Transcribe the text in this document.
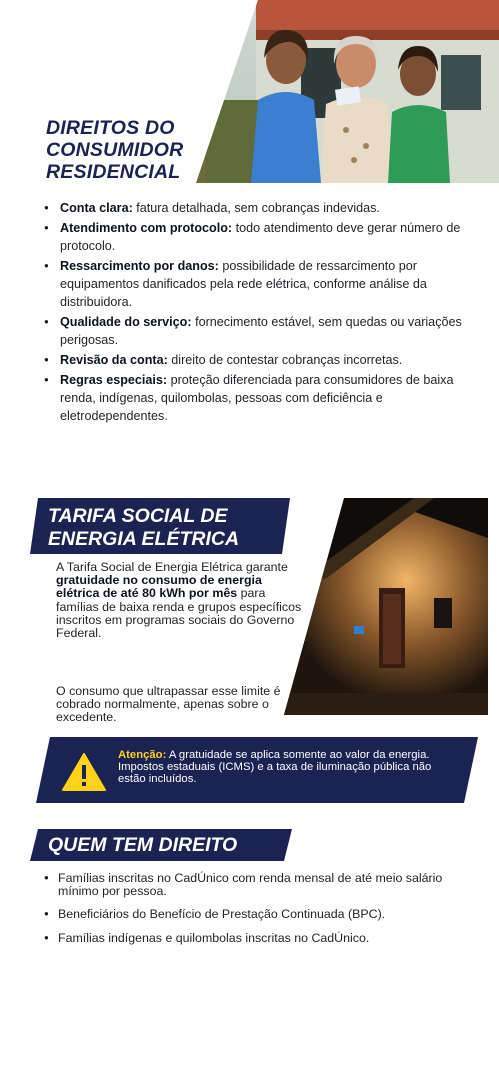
DIREITOS DO
CONSUMIDOR
RESIDENCIAL
● Conta clara: fatura detalhada, sem cobranças indevidas.
● Atendimento com protocolo: todo atendimento deve gerar número de protocolo.
● Ressarcimento por danos: possibilidade de ressarcimento por equipamentos danificados pela rede elétrica, conforme análise da distribuidora.
● Qualidade do serviço: fornecimento estável, sem quedas ou variações perigosas.
● Revisão da conta: direito de contestar cobranças incorretas.
● Regras especiais: proteção diferenciada para consumidores de baixa renda, indígenas, quilombolas, pessoas com deficiência e eletrodependentes.
TARIFA SOCIAL DE
ENERGIA ELÉTRICA

A Tarifa Social de Energia Elétrica garante gratuidade no consumo de energia elétrica de até 80 kWh por mês para famílias de baixa renda e grupos específicos inscritos em programas sociais do Governo Federal.

O consumo que ultrapassar esse limite é cobrado normalmente, apenas sobre o excedente.

Atenção: A gratuidade se aplica somente ao valor da energia. Impostos estaduais (ICMS) e a taxa de iluminação pública não estão incluídos.

QUEM TEM DIREITO
● Famílias inscritas no CadÚnico com renda mensal de até meio salário mínimo por pessoa.
● Beneficiários do Benefício de Prestação Continuada (BPC).
● Famílias indígenas e quilombolas inscritas no CadÚnico.
